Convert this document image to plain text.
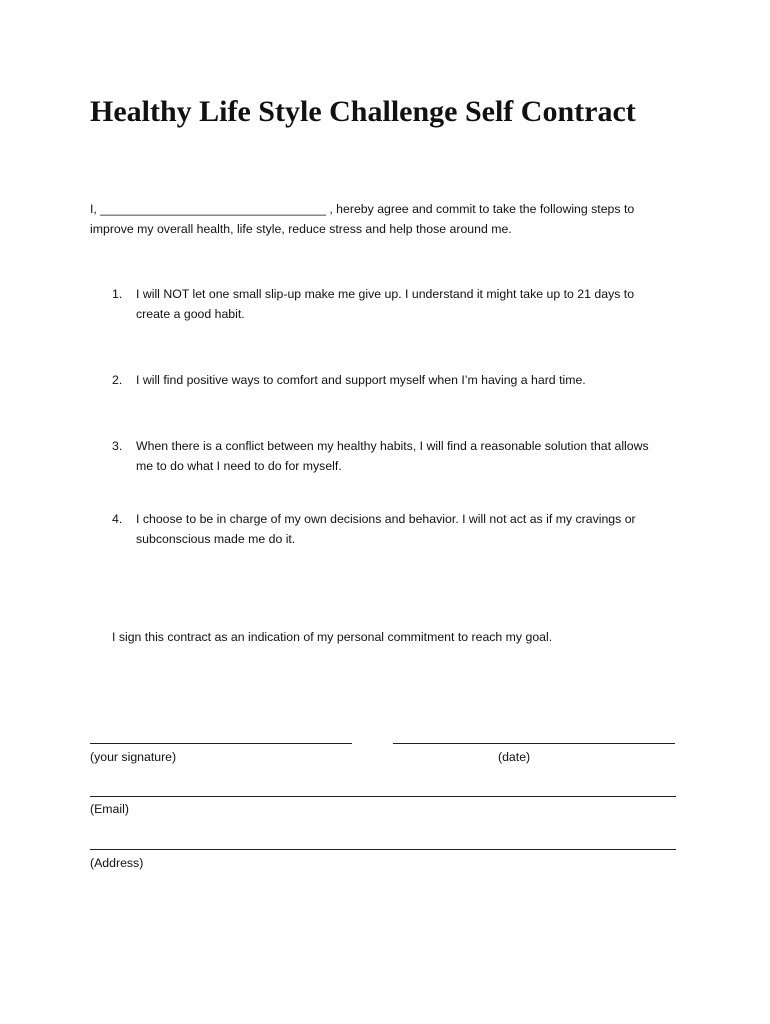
Healthy Life Style Challenge Self Contract
I, _________________________________ , hereby agree and commit to take the following steps to
improve my overall health, life style, reduce stress and help those around me.
1.	I will NOT let one small slip-up make me give up. I understand it might take up to 21 days to
create a good habit.
2.	I will find positive ways to comfort and support myself when I’m having a hard time.
3.	When there is a conflict between my healthy habits, I will find a reasonable solution that allows
me to do what I need to do for myself.
4.	I choose to be in charge of my own decisions and behavior. I will not act as if my cravings or
subconscious made me do it.
I sign this contract as an indication of my personal commitment to reach my goal.
(your signature)	(date)
(Email)
(Address)
